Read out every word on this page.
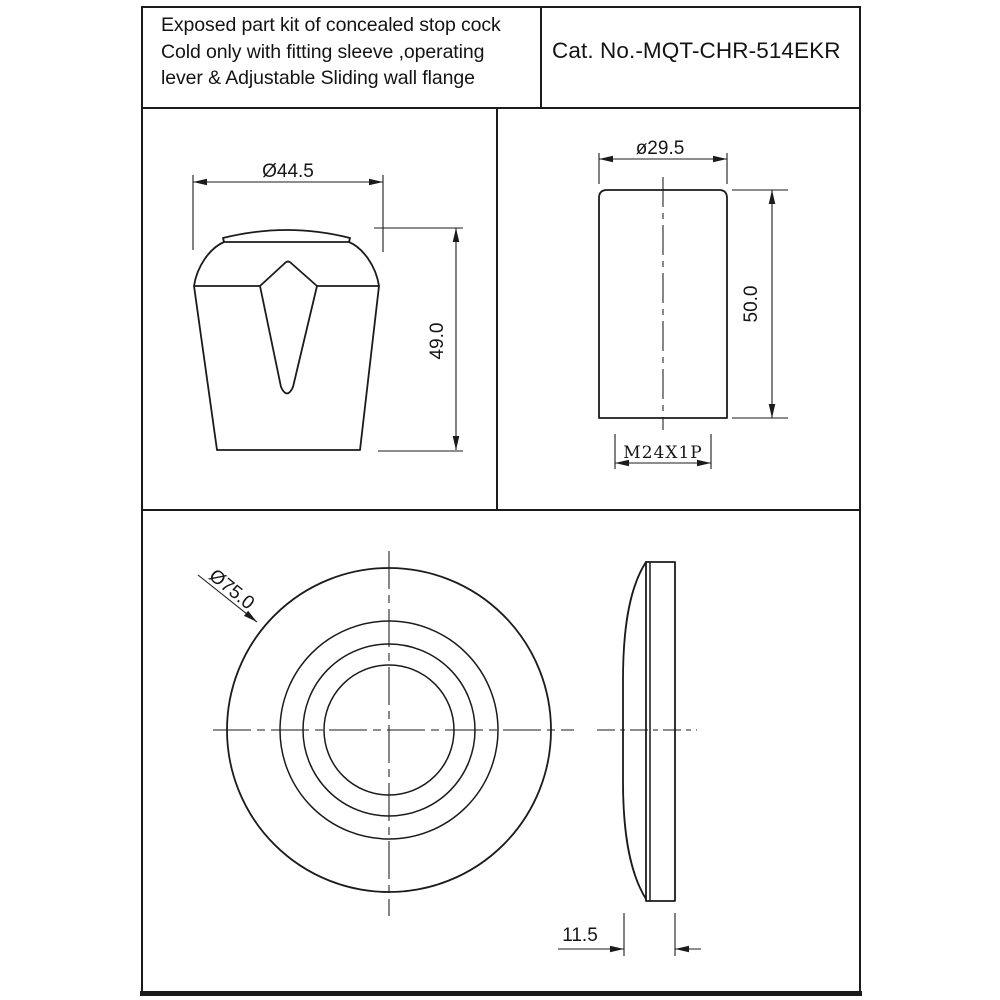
Ø44.5
49.0
ø29.5
50.0
M24X1P
Ø75.0
11.5
Exposed part kit of concealed stop cock
Cold only with fitting sleeve ,operating
lever & Adjustable Sliding wall flange
Cat. No.-MQT-CHR-514EKR
